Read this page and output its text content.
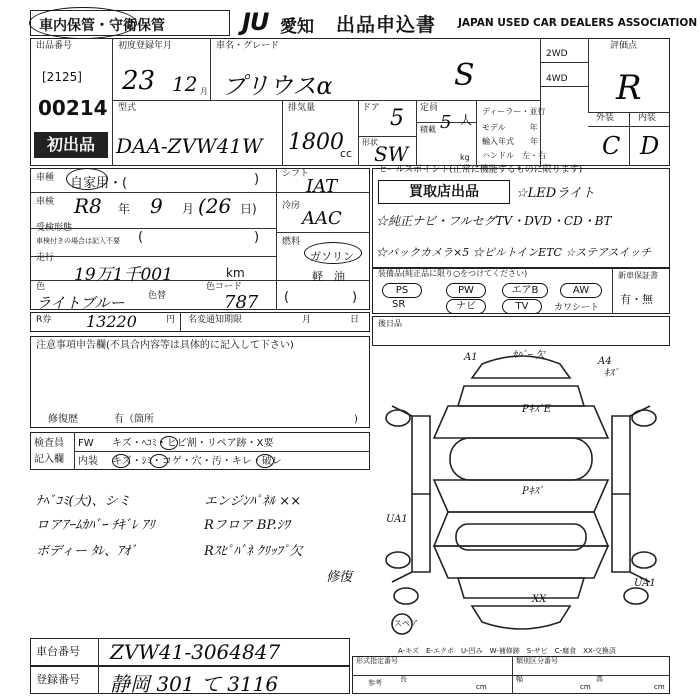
車内保管・守衛保管	JU 愛知 出品申込書 JAPAN USED CAR DEALERS ASSOCIATION
出品番号
[2125]
00214
初出品
初度登録年月
23 12 月
車名・グレード
プリウスα	S
2WD
4WD
評価点
R
型式
DAA-ZVW41W
排気量
1800
cc
ドア 5
形状
SW
定員
5 人
積載
kg
ディーラー・並行
モデル　　　年
輸入年式　　年
ハンドル　左・右
外装	内装
C D
車種 自家用・(	)
車検 R8 年 9 月 (26 日)
受検形態
車検付きの場合は記入不要 (	)
走行
19万1千001	km
色
ライトブルー	色替
色コード
787 (	)
シフト
IAT
冷房
AAC
燃料
ガソリン
軽　油
R券 13220	円 名変通知期限	月	日
注意事項申告欄(不具合内容等は具体的に記入して下さい)
修復歴	有（箇所	)
検査員
記入欄
FW キズ・ﾍｺﾐ・ヒビ割・リペア跡・X要
内装 キズ・ｼﾐ・コゲ・穴・汚・キレ・破レ
ﾅﾍﾞｺﾐ(大)、シミ
ロアｱｰﾑｶﾊﾞｰ ﾁｷﾞﾚ ｱﾘ
ボディー ﾀﾚ、ｱｵﾞ
エンジﾝﾊﾟﾈﾙ ××
Rフロア BP.ｼﾜ
Rｽﾋﾟﾊﾞﾈ ｸﾘｯﾌﾟ欠
修復
セールスポイント(正常に機能するものに限ります)
買取店出品	☆LEDライト
☆純正ナビ・フルセグTV・DVD・CD・BT
☆バックカメラ×5 ☆ビルトインETC ☆ステアスイッチ
装備品(純正品に限り○をつけてください)
PS	PW	エアB	AW
SR	ナビ	TV	カワシート
新車保証書
有・無
後日品
A1	ｶﾊﾞｰ 欠
A4
ｷｽﾞ
PｷｽﾞE
Pｷｽﾞ
UA1
UA1
XX
スペア
A-キズ　E-エクボ　U-凹み　W-補修跡　S-サビ　C-腐食　XX-交換済
車台番号 ZVW41-3064847
登録番号 静岡 301 て 3116
形式指定番号	類別区分番号
参考	長
cm
幅
cm
高
cm
